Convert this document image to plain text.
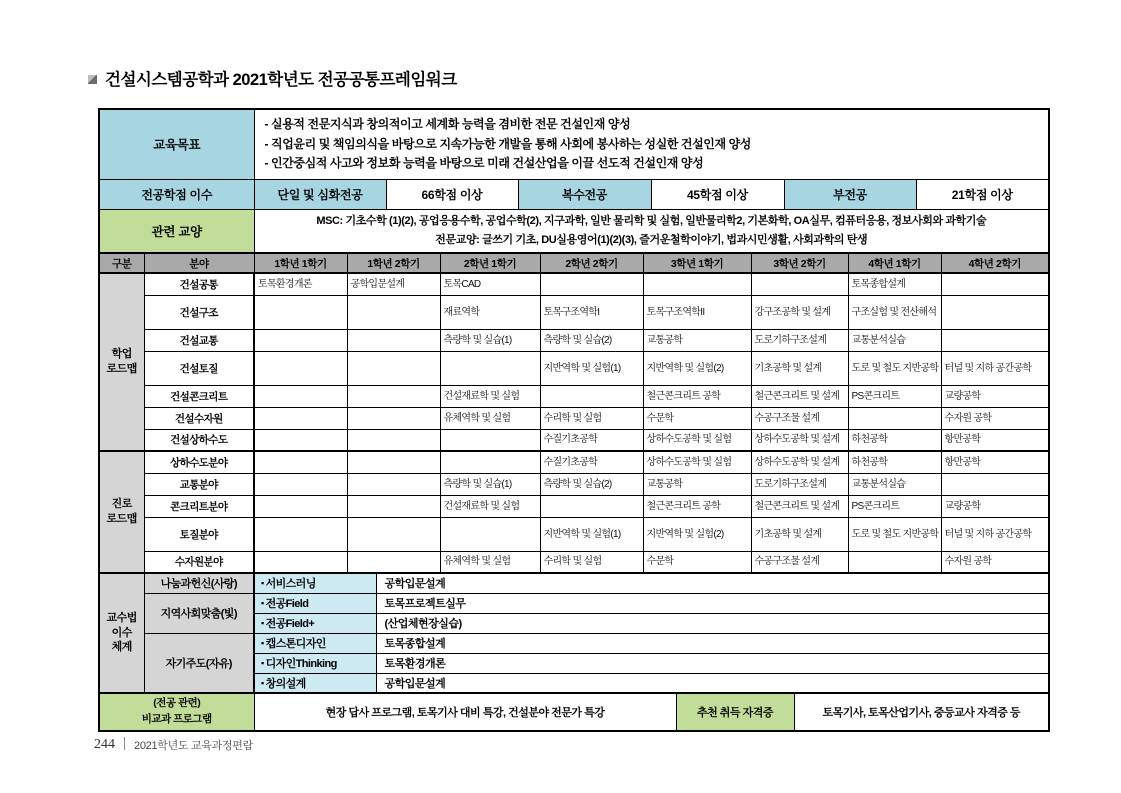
건설시스템공학과 2021학년도 전공공통프레임워크
교육목표	- 실용적 전문지식과 창의적이고 세계화 능력을 겸비한 전문 건설인재 양성
- 직업윤리 및 책임의식을 바탕으로 지속가능한 개발을 통해 사회에 봉사하는 성실한 건설인재 양성
- 인간중심적 사고와 정보화 능력을 바탕으로 미래 건설산업을 이끌 선도적 건설인재 양성					

전공학점 이수	단일 및 심화전공	66학점 이상	복수전공	45학점 이상	부전공	21학점 이상
관련 교양	MSC: 기초수학 (1)(2), 공업응용수학, 공업수학(2), 지구과학, 일반 물리학 및 실험, 일반물리학2, 기본화학, OA실무, 컴퓨터응용, 정보사회와 과학기술
전문교양: 글쓰기 기초, DU실용영어(1)(2)(3), 즐거운철학이야기, 법과시민생활, 사회과학의 탄생					
구분	분야	1학년 1학기	1학년 2학기	2학년 1학기	2학년 2학기	3학년 1학기	3학년 2학기	4학년 1학기	4학년 2학기

학업
로드맵	건설공통	토목환경개론	공학입문설계	토목CAD				토목종합설계	
	건설구조			재료역학	토목구조역학I	토목구조역학II	강구조공학 및 설계	구조실험 및 전산해석	
	건설교통			측량학 및 실습(1)	측량학 및 실습(2)	교통공학	도로기하구조설계	교통분석실습	
	건설토질				지반역학 및 실험(1)	지반역학 및 실험(2)	기초공학 및 설계	도로 및 철도 지반공학	터널 및 지하 공간공학
	건설콘크리트			건설재료학 및 실험		철근콘크리트 공학	철근콘크리트 및 설계	PS콘크리트	교량공학
	건설수자원			유체역학 및 실험	수리학 및 실험	수문학	수공구조물 설계		수자원 공학
	건설상하수도				수질기초공학	상하수도공학 및 실험	상하수도공학 및 설계	하천공학	항만공학

진로
로드맵	상하수도분야				수질기초공학	상하수도공학 및 실험	상하수도공학 및 설계	하천공학	항만공학
	교통분야			측량학 및 실습(1)	측량학 및 실습(2)	교통공학	도로기하구조설계	교통분석실습	
	콘크리트분야			건설재료학 및 실험		철근콘크리트 공학	철근콘크리트 및 설계	PS콘크리트	교량공학
	토질분야				지반역학 및 실험(1)	지반역학 및 실험(2)	기초공학 및 설계	도로 및 철도 지반공학	터널 및 지하 공간공학
	수자원분야			유체역학 및 실험	수리학 및 실험	수문학	수공구조물 설계		수자원 공학
교수법
이수
체계	나눔과헌신(사랑)	▪ 서비스러닝	공학입문설계
	지역사회맞춤(빛)	▪ 전공Field	토목프로젝트실무
		▪ 전공Field+	(산업체현장실습)
	자기주도(자유)	▪ 캡스톤디자인	토목종합설계
		▪ 디자인Thinking	토목환경개론
		▪ 창의설계	공학입문설계
(전공 관련)
비교과 프로그램	현장 답사 프로그램, 토목기사 대비 특강, 건설분야 전문가 특강	추천 취득 자격증	토목기사, 토목산업기사, 중등교사 자격증 등
244 2021학년도 교육과정편람
